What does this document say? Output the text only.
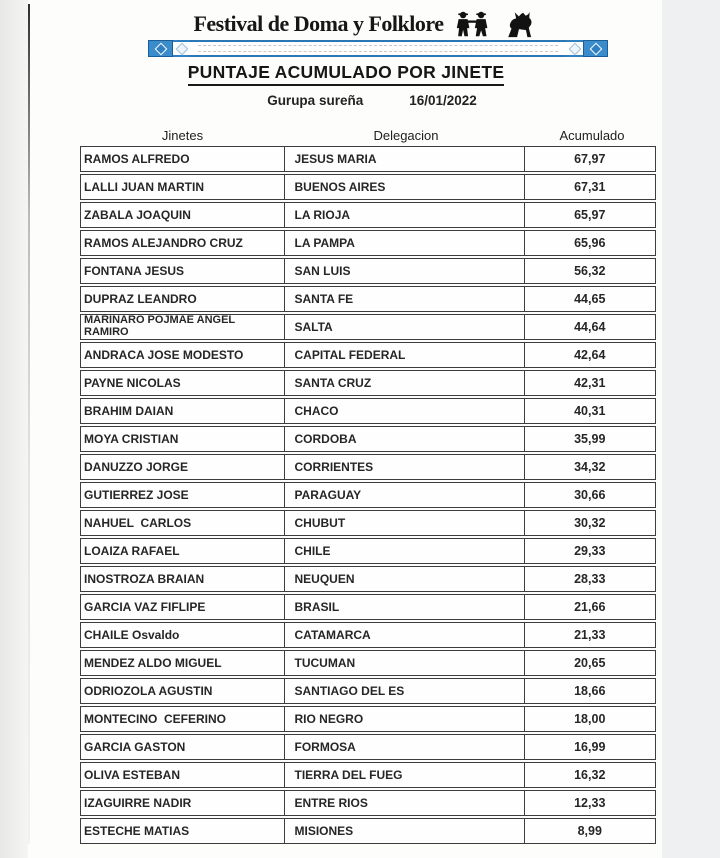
Festival de Doma y Folklore
PUNTAJE ACUMULADO POR JINETE
Gurupa sureña	16/01/2022
Jinetes	Delegacion	Acumulado
RAMOS ALFREDO	JESUS MARIA	67,97
LALLI JUAN MARTIN	BUENOS AIRES	67,31
ZABALA JOAQUIN	LA RIOJA	65,97
RAMOS ALEJANDRO CRUZ	LA PAMPA	65,96
FONTANA JESUS	SAN LUIS	56,32
DUPRAZ LEANDRO	SANTA FE	44,65
MARINARO POJMAE ANGEL
RAMIRO	SALTA	44,64
ANDRACA JOSE MODESTO	CAPITAL FEDERAL	42,64
PAYNE NICOLAS	SANTA CRUZ	42,31
BRAHIM DAIAN	CHACO	40,31
MOYA CRISTIAN	CORDOBA	35,99
DANUZZO JORGE	CORRIENTES	34,32
GUTIERREZ JOSE	PARAGUAY	30,66
NAHUEL  CARLOS	CHUBUT	30,32
LOAIZA RAFAEL	CHILE	29,33
INOSTROZA BRAIAN	NEUQUEN	28,33
GARCIA VAZ FIFLIPE	BRASIL	21,66
CHAILE Osvaldo	CATAMARCA	21,33
MENDEZ ALDO MIGUEL	TUCUMAN	20,65
ODRIOZOLA AGUSTIN	SANTIAGO DEL ES	18,66
MONTECINO  CEFERINO	RIO NEGRO	18,00
GARCIA GASTON	FORMOSA	16,99
OLIVA ESTEBAN	TIERRA DEL FUEG	16,32
IZAGUIRRE NADIR	ENTRE RIOS	12,33
ESTECHE MATIAS	MISIONES	8,99
